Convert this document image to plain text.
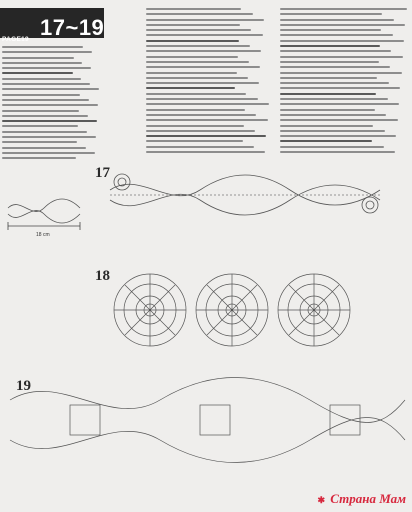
17~19
PAGE19
17
18
19
18 cm
✱ Страна Мам
